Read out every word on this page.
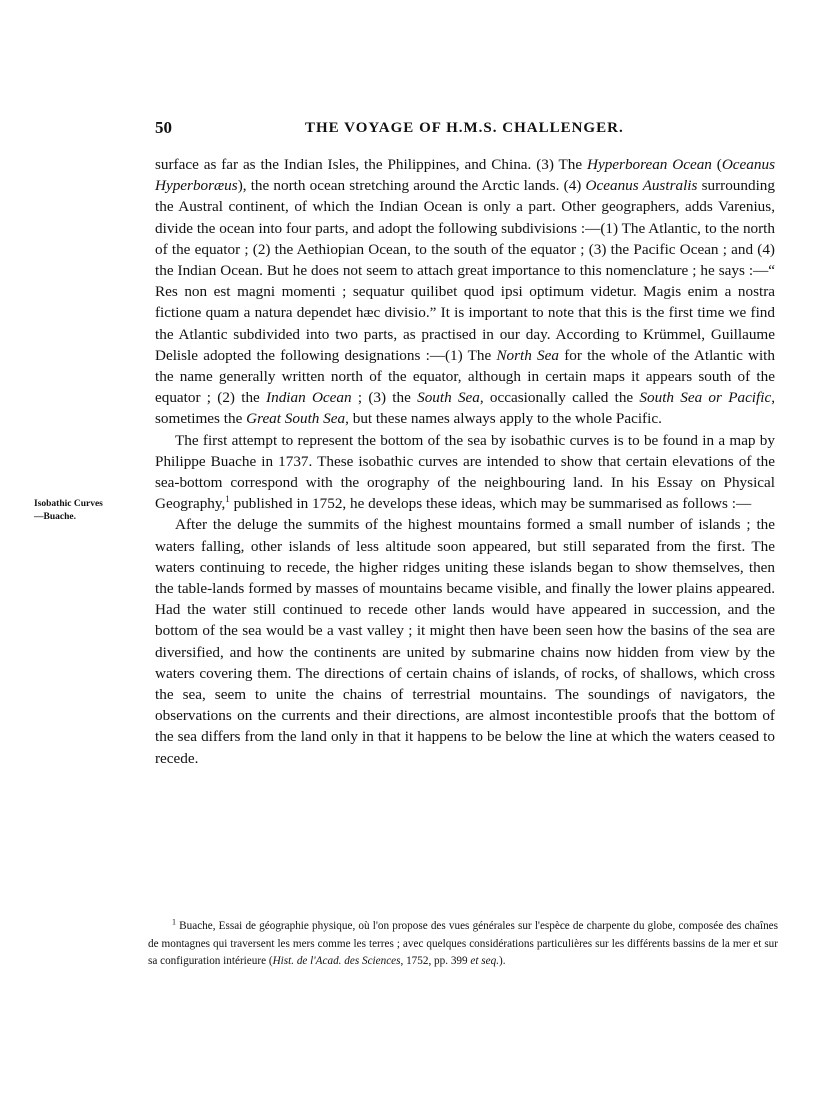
50	THE VOYAGE OF H.M.S. CHALLENGER.
Isobathic Curves
—Buache.

surface as far as the Indian Isles, the Philippines, and China. (3) The Hyperborean Ocean (Oceanus Hyperboræus), the north ocean stretching around the Arctic lands. (4) Oceanus Australis surrounding the Austral continent, of which the Indian Ocean is only a part. Other geographers, adds Varenius, divide the ocean into four parts, and adopt the following subdivisions :—(1) The Atlantic, to the north of the equator ; (2) the Aethiopian Ocean, to the south of the equator ; (3) the Pacific Ocean ; and (4) the Indian Ocean. But he does not seem to attach great importance to this nomenclature ; he says :—“ Res non est magni momenti ; sequatur quilibet quod ipsi optimum videtur. Magis enim a nostra fictione quam a natura dependet hæc divisio.” It is important to note that this is the first time we find the Atlantic subdivided into two parts, as practised in our day. According to Krümmel, Guillaume Delisle adopted the following designations :—(1) The North Sea for the whole of the Atlantic with the name generally written north of the equator, although in certain maps it appears south of the equator ; (2) the Indian Ocean ; (3) the South Sea, occasionally called the South Sea or Pacific, sometimes the Great South Sea, but these names always apply to the whole Pacific.

The first attempt to represent the bottom of the sea by isobathic curves is to be found in a map by Philippe Buache in 1737. These isobathic curves are intended to show that certain elevations of the sea-bottom correspond with the orography of the neighbouring land. In his Essay on Physical Geography,$^1$ published in 1752, he develops these ideas, which may be summarised as follows :—

After the deluge the summits of the highest mountains formed a small number of islands ; the waters falling, other islands of less altitude soon appeared, but still separated from the first. The waters continuing to recede, the higher ridges uniting these islands began to show themselves, then the table-lands formed by masses of mountains became visible, and finally the lower plains appeared. Had the water still continued to recede other lands would have appeared in succession, and the bottom of the sea would be a vast valley ; it might then have been seen how the basins of the sea are diversified, and how the continents are united by submarine chains now hidden from view by the waters covering them. The directions of certain chains of islands, of rocks, of shallows, which cross the sea, seem to unite the chains of terrestrial mountains. The soundings of navigators, the observations on the currents and their directions, are almost incontestible proofs that the bottom of the sea differs from the land only in that it happens to be below the line at which the waters ceased to recede.

$^1$ Buache, Essai de géographie physique, où l'on propose des vues générales sur l'espèce de charpente du globe, composée des chaînes de montagnes qui traversent les mers comme les terres ; avec quelques considérations particulières sur les différents bassins de la mer et sur sa configuration intérieure (Hist. de l'Acad. des Sciences, 1752, pp. 399 et seq.).
